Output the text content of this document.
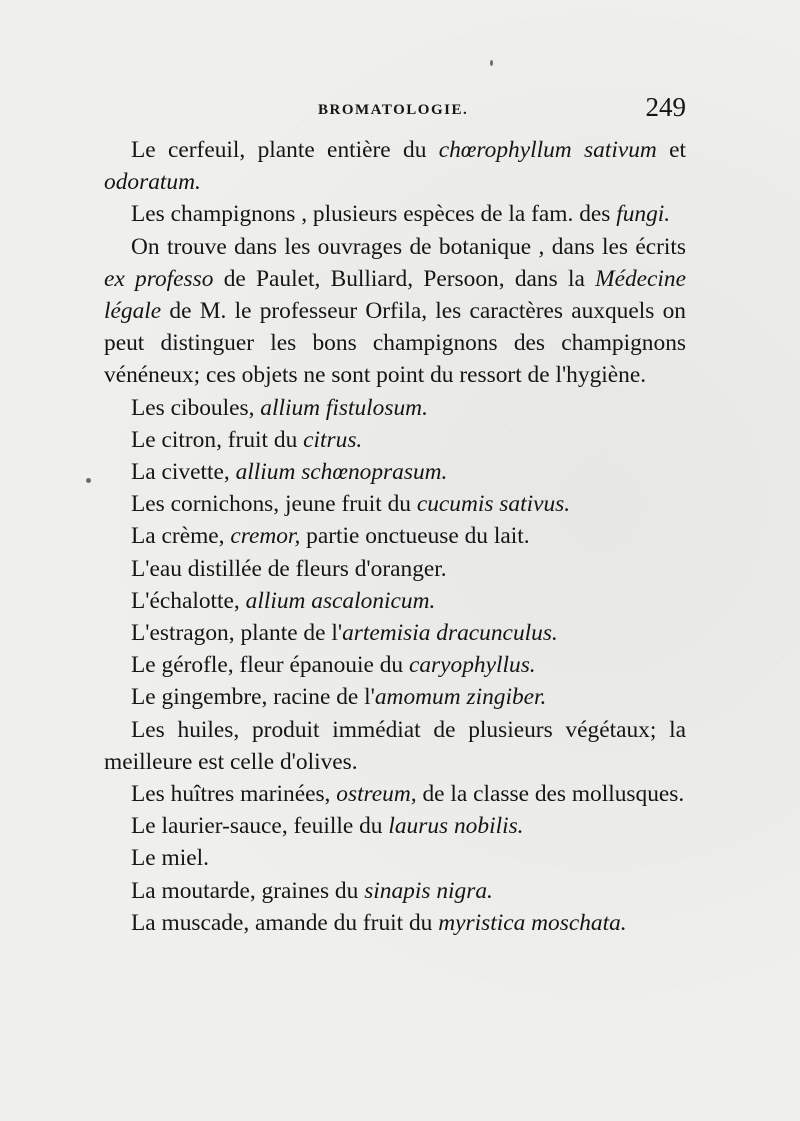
BROMATOLOGIE.	249

Le cerfeuil, plante entière du chœrophyllum sativum et odoratum.

Les champignons , plusieurs espèces de la fam. des fungi.

On trouve dans les ouvrages de botanique , dans les écrits ex professo de Paulet, Bulliard, Persoon, dans la Médecine légale de M. le professeur Orfila, les caractères auxquels on peut distinguer les bons champignons des champignons vénéneux; ces objets ne sont point du ressort de l'hygiène.

Les ciboules, allium fistulosum.

Le citron, fruit du citrus.

La civette, allium schœnoprasum.

Les cornichons, jeune fruit du cucumis sativus.

La crème, cremor, partie onctueuse du lait.

L'eau distillée de fleurs d'oranger.

L'échalotte, allium ascalonicum.

L'estragon, plante de l'artemisia dracunculus.

Le gérofle, fleur épanouie du caryophyllus.

Le gingembre, racine de l'amomum zingiber.

Les huiles, produit immédiat de plusieurs végétaux; la meilleure est celle d'olives.

Les huîtres marinées, ostreum, de la classe des mollusques.

Le laurier-sauce, feuille du laurus nobilis.

Le miel.

La moutarde, graines du sinapis nigra.

La muscade, amande du fruit du myristica moschata.
